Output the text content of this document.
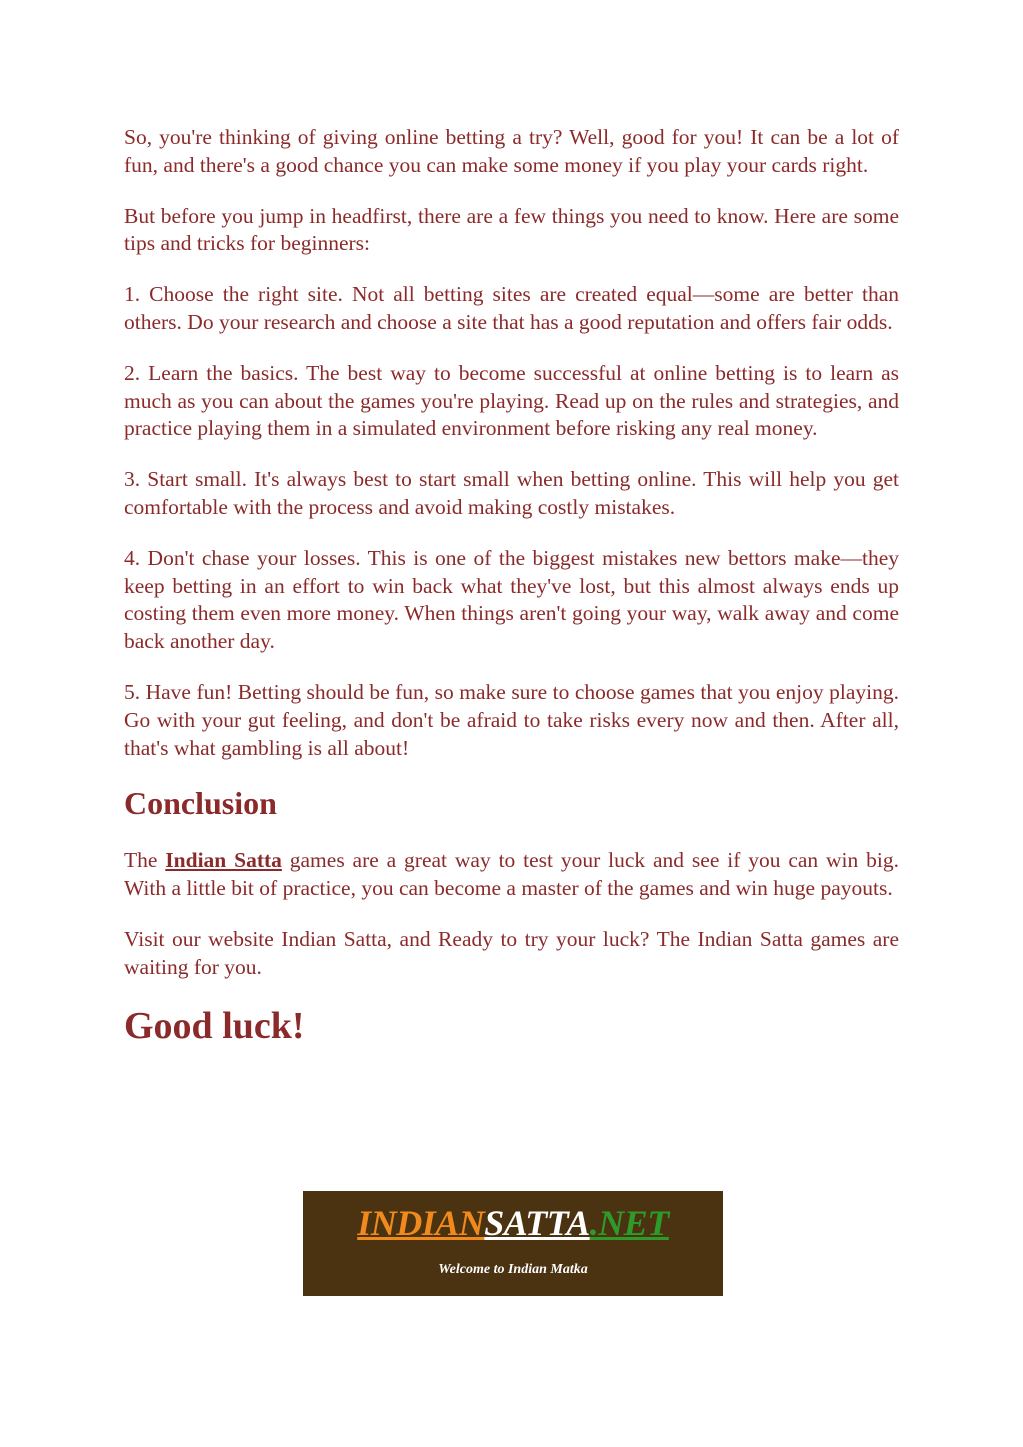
So, you're thinking of giving online betting a try? Well, good for you! It can be a lot of fun, and there's a good chance you can make some money if you play your cards right.

But before you jump in headfirst, there are a few things you need to know. Here are some tips and tricks for beginners:

1. Choose the right site. Not all betting sites are created equal—some are better than others. Do your research and choose a site that has a good reputation and offers fair odds.

2. Learn the basics. The best way to become successful at online betting is to learn as much as you can about the games you're playing. Read up on the rules and strategies, and practice playing them in a simulated environment before risking any real money.

3. Start small. It's always best to start small when betting online. This will help you get comfortable with the process and avoid making costly mistakes.

4. Don't chase your losses. This is one of the biggest mistakes new bettors make—they keep betting in an effort to win back what they've lost, but this almost always ends up costing them even more money. When things aren't going your way, walk away and come back another day.

5. Have fun! Betting should be fun, so make sure to choose games that you enjoy playing. Go with your gut feeling, and don't be afraid to take risks every now and then. After all, that's what gambling is all about!

Conclusion

The Indian Satta games are a great way to test your luck and see if you can win big. With a little bit of practice, you can become a master of the games and win huge payouts.

Visit our website Indian Satta, and Ready to try your luck? The Indian Satta games are waiting for you.

Good luck!
INDIANSATTA.NET
Welcome to Indian Matka
